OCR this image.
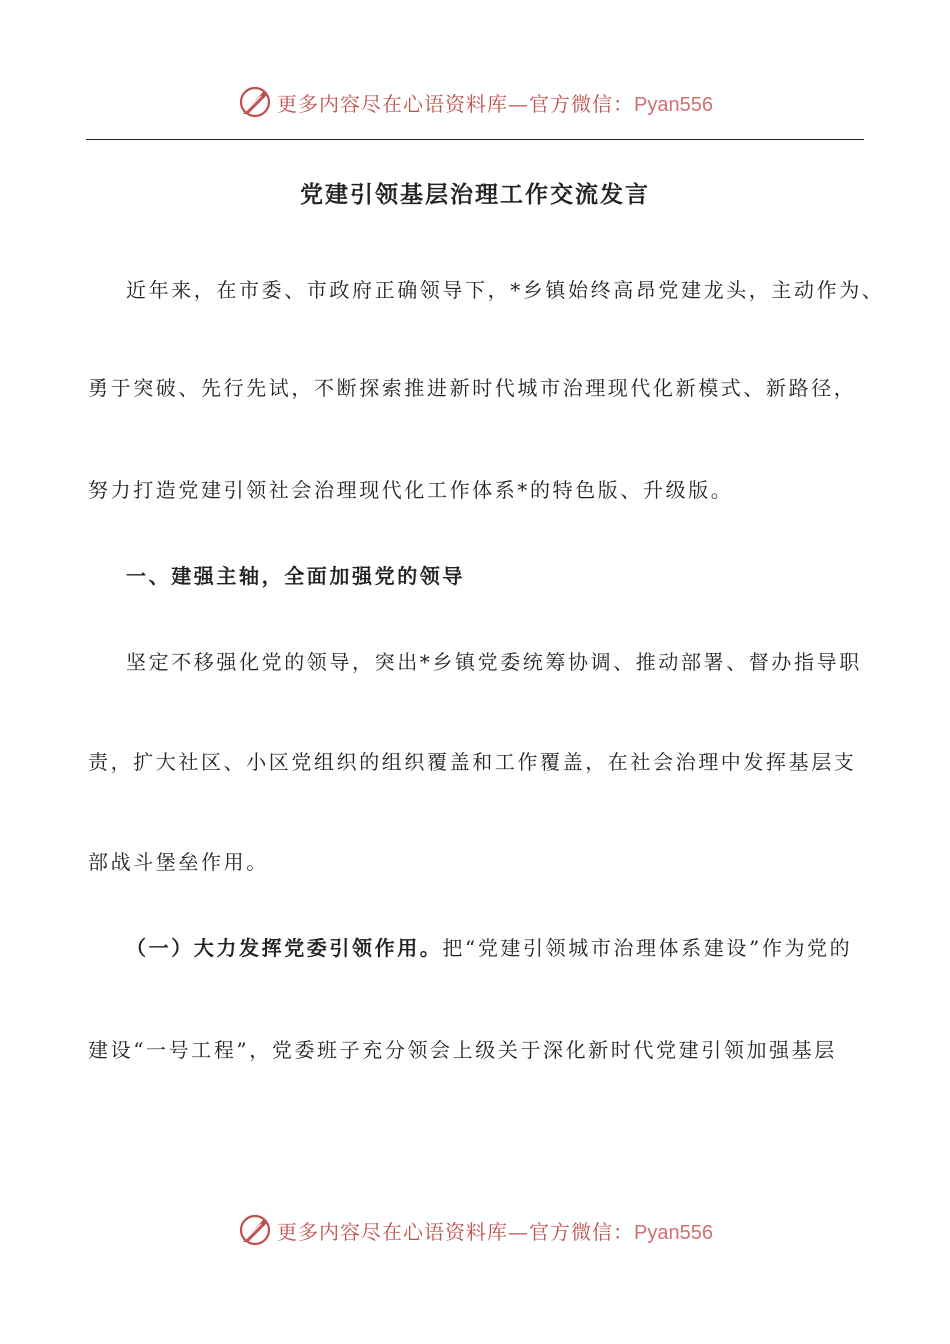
更多内容尽在心语资料库—官方微信：Pyan556
党建引领基层治理工作交流发言
近年来，在市委、市政府正确领导下，*乡镇始终高昂党建龙头，主动作为、
勇于突破、先行先试，不断探索推进新时代城市治理现代化新模式、新路径，
努力打造党建引领社会治理现代化工作体系*的特色版、升级版。
一、建强主轴，全面加强党的领导
坚定不移强化党的领导，突出*乡镇党委统筹协调、推动部署、督办指导职
责，扩大社区、小区党组织的组织覆盖和工作覆盖，在社会治理中发挥基层支
部战斗堡垒作用。
（一）大力发挥党委引领作用。把“党建引领城市治理体系建设”作为党的
建设“一号工程”，党委班子充分领会上级关于深化新时代党建引领加强基层
更多内容尽在心语资料库—官方微信：Pyan556
